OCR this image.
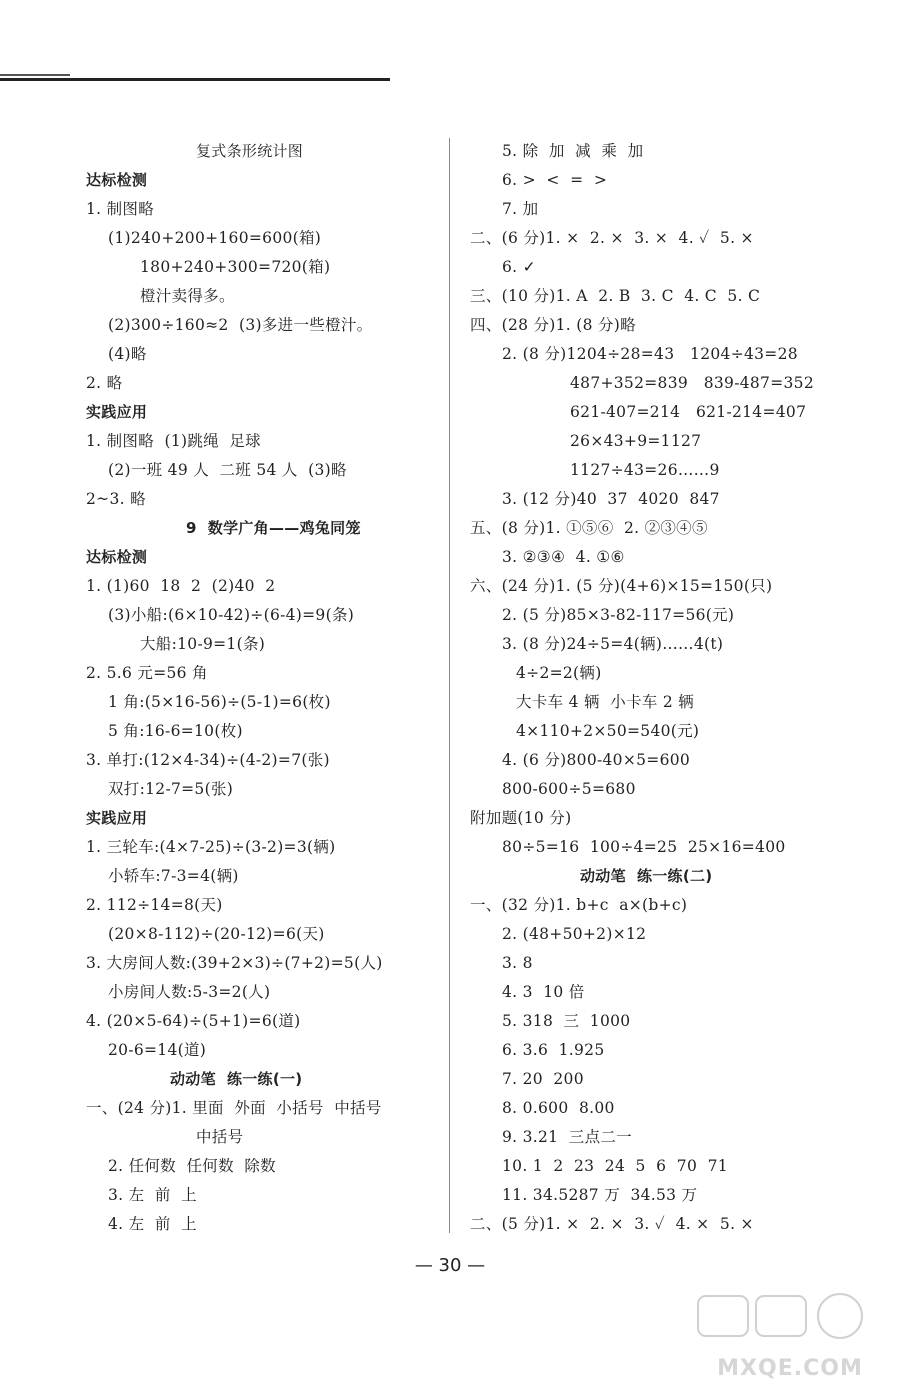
复式条形统计图
达标检测
1. 制图略
(1)240+200+160=600(箱)
180+240+300=720(箱)
橙汁卖得多。
(2)300÷160≈2  (3)多进一些橙汁。
(4)略
2. 略
实践应用
1. 制图略  (1)跳绳  足球
(2)一班 49 人  二班 54 人  (3)略
2~3. 略
9  数学广角——鸡兔同笼
达标检测
1. (1)60  18  2  (2)40  2
(3)小船:(6×10-42)÷(6-4)=9(条)
大船:10-9=1(条)
2. 5.6 元=56 角
1 角:(5×16-56)÷(5-1)=6(枚)
5 角:16-6=10(枚)
3. 单打:(12×4-34)÷(4-2)=7(张)
双打:12-7=5(张)
实践应用
1. 三轮车:(4×7-25)÷(3-2)=3(辆)
小轿车:7-3=4(辆)
2. 112÷14=8(天)
(20×8-112)÷(20-12)=6(天)
3. 大房间人数:(39+2×3)÷(7+2)=5(人)
小房间人数:5-3=2(人)
4. (20×5-64)÷(5+1)=6(道)
20-6=14(道)
动动笔  练一练(一)
一、(24 分)1. 里面  外面  小括号  中括号
中括号
2. 任何数  任何数  除数
3. 左  前  上
4. 左  前  上
5. 除  加  减  乘  加
6. >  <  =  >
7. 加
二、(6 分)1. ×  2. ×  3. ×  4. ✓  5. ×
6. ✓
三、(10 分)1. A  2. B  3. C  4. C  5. C
四、(28 分)1. (8 分)略
2. (8 分)1204÷28=43   1204÷43=28
487+352=839   839-487=352
621-407=214   621-214=407
26×43+9=1127
1127÷43=26……9
3. (12 分)40  37  4020  847
五、(8 分)1. ①⑤⑥  2. ②③④⑤
3. ②③④  4. ①⑥
六、(24 分)1. (5 分)(4+6)×15=150(只)
2. (5 分)85×3-82-117=56(元)
3. (8 分)24÷5=4(辆)……4(t)
4÷2=2(辆)
大卡车 4 辆  小卡车 2 辆
4×110+2×50=540(元)
4. (6 分)800-40×5=600
800-600÷5=680
附加题(10 分)
80÷5=16  100÷4=25  25×16=400
动动笔  练一练(二)
一、(32 分)1. b+c  a×(b+c)
2. (48+50+2)×12
3. 8
4. 3  10 倍
5. 318  三  1000
6. 3.6  1.925
7. 20  200
8. 0.600  8.00
9. 3.21  三点二一
10. 1  2  23  24  5  6  70  71
11. 34.5287 万  34.53 万
二、(5 分)1. ×  2. ×  3. ✓  4. ×  5. ×
— 30 —
MXQE.COM
